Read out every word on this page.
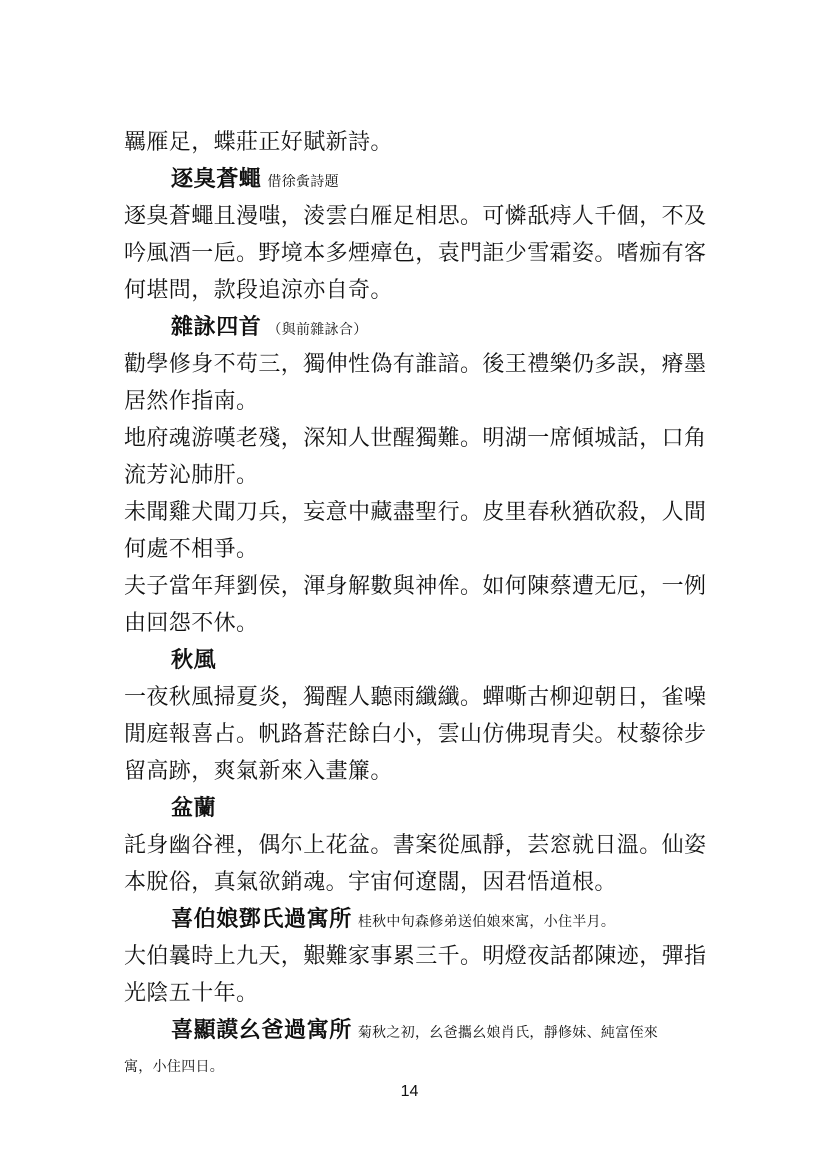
羈雁足，蝶莊正好賦新詩。
逐臭蒼蠅 借徐夤詩題
逐臭蒼蠅且漫嗤，淩雲白雁足相思。可憐舐痔人千個，不及
吟風酒一巵。野境本多煙瘴色，袁門詎少雪霜姿。嗜痂有客
何堪問，款段追涼亦自奇。
雜詠四首 （與前雜詠合）
勸學修身不苟三，獨伸性偽有誰諳。後王禮樂仍多誤，瘠墨
居然作指南。
地府魂游嘆老殘，深知人世醒獨難。明湖一席傾城話，口角
流芳沁肺肝。
未聞雞犬聞刀兵，妄意中藏盡聖行。皮里春秋猶砍殺，人間
何處不相爭。
夫子當年拜劉侯，渾身解數與神侔。如何陳蔡遭无厄，一例
由回怨不休。
秋風
一夜秋風掃夏炎，獨醒人聽雨纖纖。蟬嘶古柳迎朝日，雀噪
閒庭報喜占。帆路蒼茫餘白小，雲山仿佛現青尖。杖藜徐步
留高跡，爽氣新來入畫簾。
盆蘭
託身幽谷裡，偶尓上花盆。書案從風靜，芸窓就日溫。仙姿
本脫俗，真氣欲銷魂。宇宙何遼闊，因君悟道根。
喜伯娘鄧氏過寓所 桂秋中旬森修弟送伯娘來寓，小住半月。
大伯曩時上九天，艱難家事累三千。明燈夜話都陳迹，彈指
光陰五十年。
喜顯謨幺爸過寓所 菊秋之初，幺爸攜幺娘肖氏，靜修妹、純富侄來
寓，小住四日。
14
